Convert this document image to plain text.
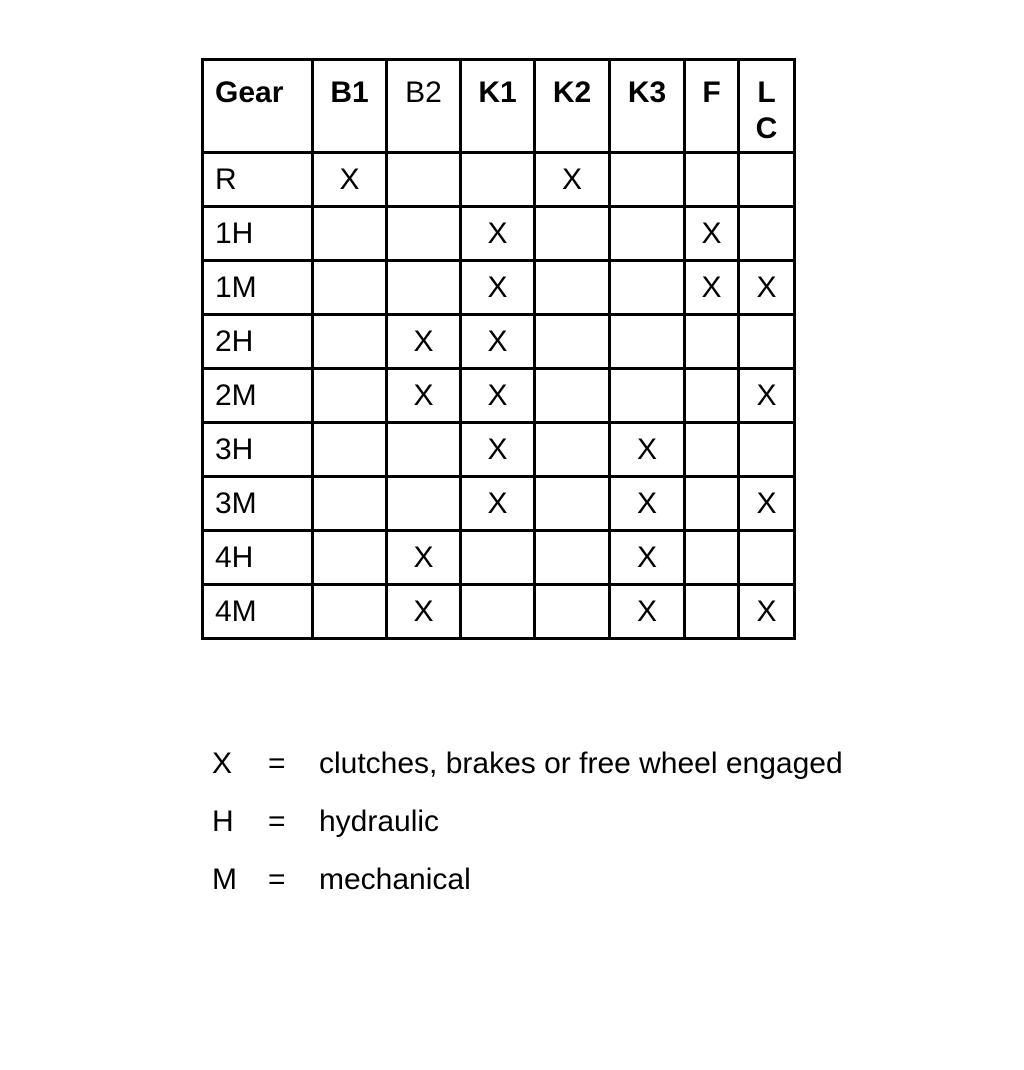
Gear	B1	B2	K1	K2	K3	F	L
C

R	X			X			
1H			X			X	
1M			X			X	X
2H		X	X				
2M		X	X				X
3H			X		X		
3M			X		X		X
4H		X			X		
4M		X			X		X
X = clutches, brakes or free wheel engaged
H = hydraulic
M = mechanical
